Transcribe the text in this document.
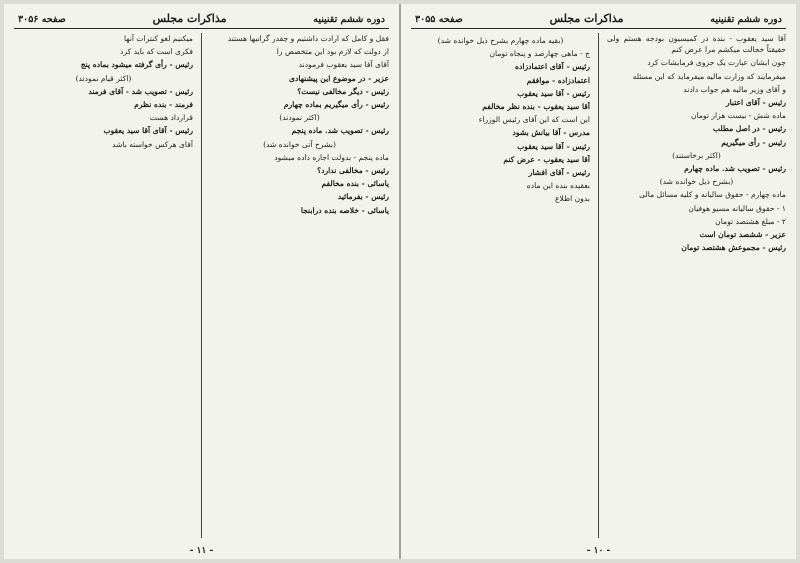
دوره ششم تقنینیه
مذاکرات مجلس
صفحه ۳۰۵۶

فقل و کامل که ارادت داشتیم و چقدر گرانبها هستند

از دولت که لازم بود این متخصص را

آقای آقا سید یعقوب فرمودند

عزیر - در موضوع این پیشنهادی

رئیس - دیگر مخالفی نیست؟

رئیس - رأی میگیریم بماده چهارم

(اکثر نمودند)

رئیس - تصویب شد. ماده پنجم

(بشرح آتی خوانده شد)

ماده پنجم - بدولت اجازه داده میشود

رئیس - مخالفی ندارد؟

یاسائی - بنده مخالفم

رئیس - بفرمائید

یاسائی - خلاصه بنده درابنجا

میکنیم لغو کنترات آنها

فکری است که باید کرد

رئیس - رأی گرفته میشود بماده پنج

(اکثر قیام نمودند)

رئیس - تصویب شد - آقای فرمند

فرمند - بنده نظرم

قرارداد هست

رئیس - آقای آقا سید یعقوب

آقای هرکس خواسته باشد

- ۱۱ -
دوره ششم تقنینیه
مذاکرات مجلس
صفحه ۳۰۵۵

آقا سید یعقوب - بنده در کمیسیون بودجه هستم ولی حقیقتاً خجالت میکشم مرا عرض کنم

چون ایشان عبارت یک جزوی فرمایشات کرد

میفرمایند که وزارت مالیه میفرماید که این مسئله

و آقای وزیر مالیه هم جواب دادند

رئیس - آقای اعتبار

ماده شش - بیست هزار تومان

رئیس - در اصل مطلب

رئیس - رأی میگیریم

(اکثر برخاستند)

رئیس - تصویب شد. ماده چهارم

(بشرح ذیل خوانده شد)

ماده چهارم - حقوق سالیانه و کلیه مسائل مالی

۱ - حقوق سالیانه مسیو هوفیان

۲ - مبلغ هشتصد تومان

عزیر - ششصد تومان است

رئیس - مجموعش هشتصد تومان

(بقیه ماده چهارم بشرح ذیل خوانده شد)

ج - ماهی چهارصد و پنجاه تومان

رئیس - آقای اعتمادزاده

اعتمادزاده - موافقم

رئیس - آقا سید یعقوب

آقا سید یعقوب - بنده نظر مخالفم

این است که این آقای رئیس الوزراء

مدرس - آقا بیانش بشود

رئیس - آقا سید یعقوب

آقا سید یعقوب - عرض کنم

رئیس - آقای افشار

بعقیده بنده این ماده

بدون اطلاع

- ۱۰ -
